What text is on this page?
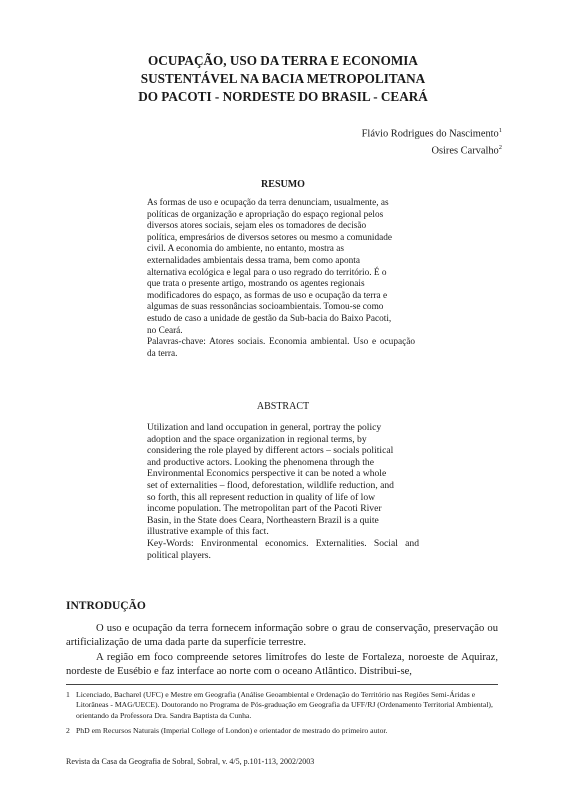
OCUPAÇÃO, USO DA TERRA E ECONOMIA
SUSTENTÁVEL NA BACIA METROPOLITANA
DO PACOTI - NORDESTE DO BRASIL - CEARÁ
Flávio Rodrigues do Nascimento$^1$
Osires Carvalho$^2$
RESUMO
As formas de uso e ocupação da terra denunciam, usualmente, as
políticas de organização e apropriação do espaço regional pelos
diversos atores sociais, sejam eles os tomadores de decisão
política, empresários de diversos setores ou mesmo a comunidade
civil. A economia do ambiente, no entanto, mostra as
externalidades ambientais dessa trama, bem como aponta
alternativa ecológica e legal para o uso regrado do território. É o
que trata o presente artigo, mostrando os agentes regionais
modificadores do espaço, as formas de uso e ocupação da terra e
algumas de suas ressonâncias socioambientais. Tomou-se como
estudo de caso a unidade de gestão da Sub-bacia do Baixo Pacoti,
no Ceará.
Palavras-chave: Atores sociais. Economia ambiental. Uso e ocupação da terra.
ABSTRACT
Utilization and land occupation in general, portray the policy
adoption and the space organization in regional terms, by
considering the role played by different actors – socials political
and productive actors. Looking the phenomena through the
Environmental Economics perspective it can be noted a whole
set of externalities – flood, deforestation, wildlife reduction, and
so forth, this all represent reduction in quality of life of low
income population. The metropolitan part of the Pacoti River
Basin, in the State does Ceara, Northeastern Brazil is a quite
illustrative example of this fact.
Key-Words: Environmental economics. Externalities. Social and political players.
INTRODUÇÃO

O uso e ocupação da terra fornecem informação sobre o grau de conservação, preservação ou artificialização de uma dada parte da superfície terrestre.

A região em foco compreende setores limítrofes do leste de Fortaleza, noroeste de Aquiraz, nordeste de Eusébio e faz interface ao norte com o oceano Atlântico. Distribui-se,

1 Licenciado, Bacharel (UFC) e Mestre em Geografia (Análise Geoambiental e Ordenação do Território nas Regiões Semi-Áridas e Litorâneas - MAG/UECE). Doutorando no Programa de Pós-graduação em Geografia da UFF/RJ (Ordenamento Territorial Ambiental), orientando da Professora Dra. Sandra Baptista da Cunha.
2 PhD em Recursos Naturais (Imperial College of London) e orientador de mestrado do primeiro autor.
Revista da Casa da Geografia de Sobral, Sobral, v. 4/5, p.101-113, 2002/2003
